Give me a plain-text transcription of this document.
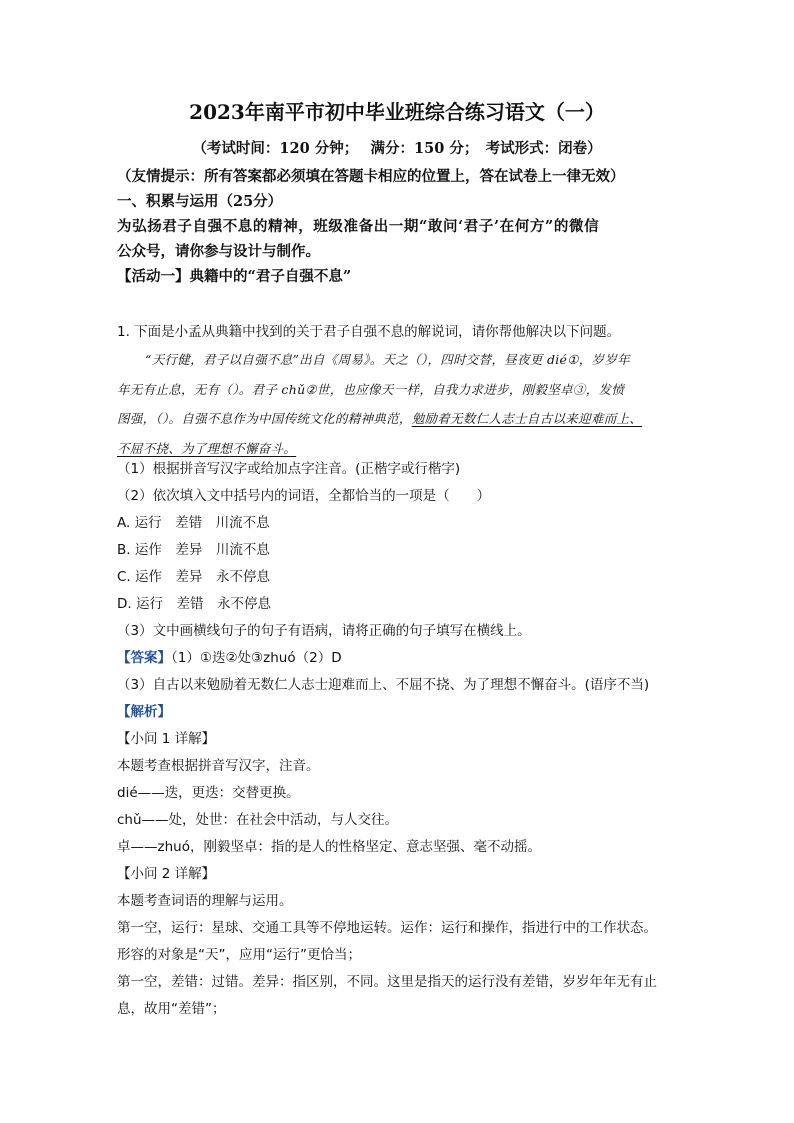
2023年南平市初中毕业班综合练习语文（一）
（考试时间：120 分钟；　 满分：150 分；　考试形式：闭卷）
（友情提示：所有答案都必须填在答题卡相应的位置上，答在试卷上一律无效）
一、积累与运用（25分）
为弘扬君子自强不息的精神，班级准备出一期“敢问‘君子’在何方”的微信
公众号，请你参与设计与制作。
【活动一】典籍中的“君子自强不息”
1. 下面是小孟从典籍中找到的关于君子自强不息的解说词，请你帮他解决以下问题。
“天行健，君子以自强不息”出自《周易》。天之（），四时交替，昼夜更 dié①，岁岁年
年无有止息，无有（）。君子 chǔ②世，也应像天一样，自我力求进步，刚毅坚卓③，发愤
图强，（）。自强不息作为中国传统文化的精神典范，勉励着无数仁人志士自古以来迎难而上、
不屈不挠、为了理想不懈奋斗。
（1）根据拼音写汉字或给加点字注音。(正楷字或行楷字)
（2）依次填入文中括号内的词语，全都恰当的一项是（　　）
A. 运行　差错　川流不息
B. 运作　差异　川流不息
C. 运作　差异　永不停息
D. 运行　差错　永不停息
（3）文中画横线句子的句子有语病，请将正确的句子填写在横线上。
【答案】（1）①迭②处③zhuó（2）D
（3）自古以来勉励着无数仁人志士迎难而上、不屈不挠、为了理想不懈奋斗。(语序不当)
【解析】
【小问 1 详解】
本题考查根据拼音写汉字，注音。
dié——迭，更迭：交替更换。
chǔ——处，处世：在社会中活动，与人交往。
卓——zhuó，刚毅坚卓：指的是人的性格坚定、意志坚强、毫不动摇。
【小问 2 详解】
本题考查词语的理解与运用。
第一空，运行：星球、交通工具等不停地运转。运作：运行和操作，指进行中的工作状态。
形容的对象是“天”，应用“运行”更恰当；
第一空，差错：过错。差异：指区别，不同。这里是指天的运行没有差错，岁岁年年无有止
息，故用“差错”；
